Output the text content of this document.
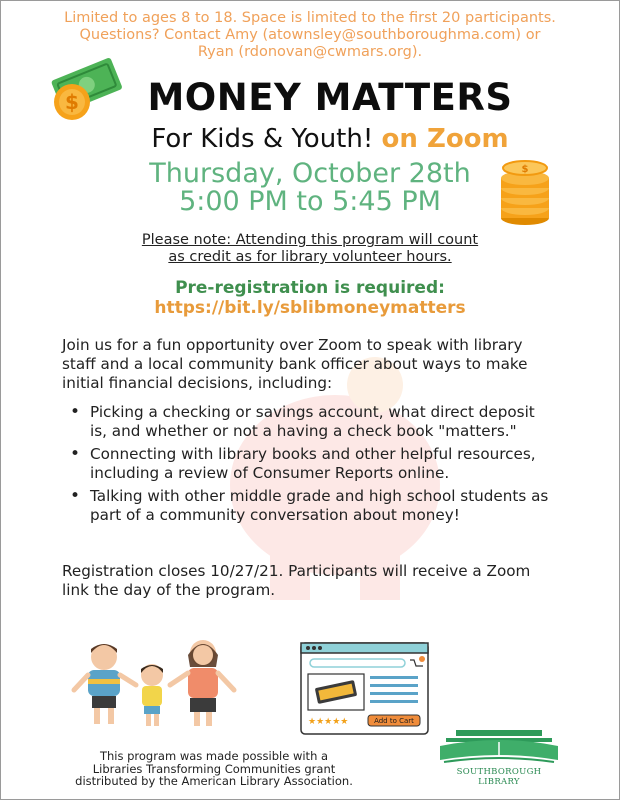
Limited to ages 8 to 18. Space is limited to the first 20 participants.
Questions? Contact Amy (atownsley@southboroughma.com) or
Ryan (rdonovan@cwmars.org).
$	MONEY MATTERS
For Kids & Youth! on Zoom
Thursday, October 28th
5:00 PM to 5:45 PM
$
Please note: Attending this program will count
as credit as for library volunteer hours.
Pre-registration is required:
https://bit.ly/sblibmoneymatters
Join us for a fun opportunity over Zoom to speak with library staff and a local community bank officer about ways to make initial financial decisions, including:
• Picking a checking or savings account, what direct deposit is, and whether or not a having a check book "matters."
• Connecting with library books and other helpful resources, including a review of Consumer Reports online.
• Talking with other middle grade and high school students as part of a community conversation about money!
Registration closes 10/27/21. Participants will receive a Zoom link the day of the program.
★★★★★	Add to Cart
This program was made possible with a
Libraries Transforming Communities grant
distributed by the American Library Association.
SOUTHBOROUGH LIBRARY
